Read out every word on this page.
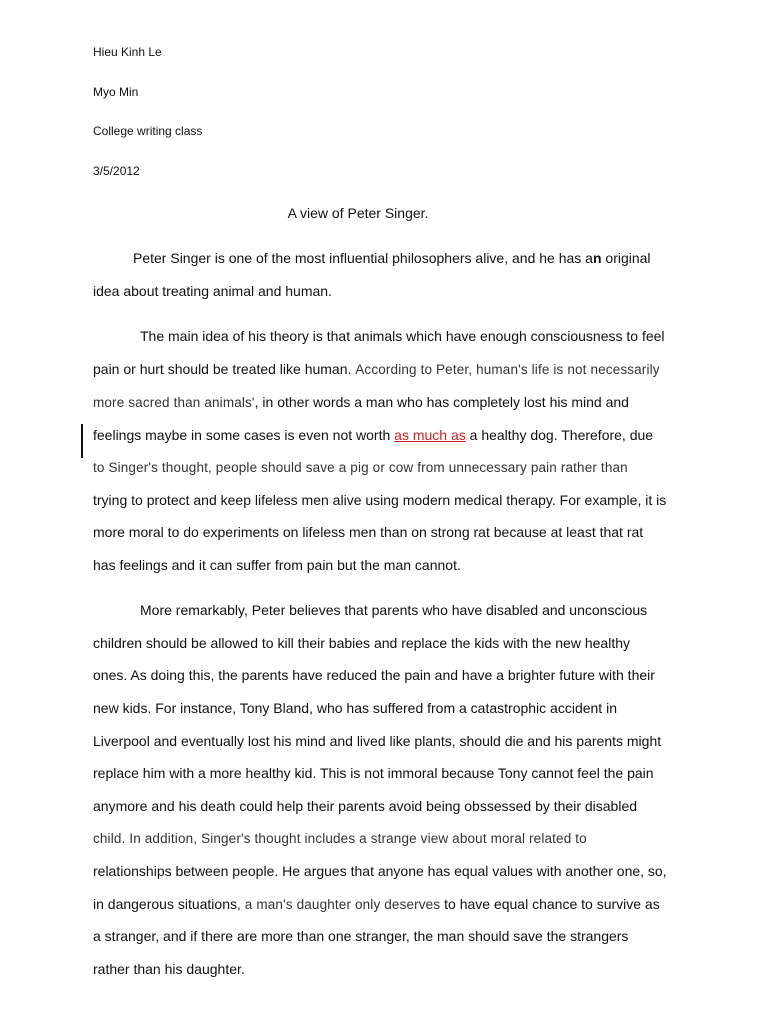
Hieu Kinh Le
Myo Min
College writing class
3/5/2012
A view of Peter Singer.
Peter Singer is one of the most influential philosophers alive, and he has an original
idea about treating animal and human.
The main idea of his theory is that animals which have enough consciousness to feel
pain or hurt should be treated like human. According to Peter, human's life is not necessarily
more sacred than animals', in other words a man who has completely lost his mind and
feelings maybe in some cases is even not worth as much as a healthy dog. Therefore, due
to Singer's thought, people should save a pig or cow from unnecessary pain rather than
trying to protect and keep lifeless men alive using modern medical therapy. For example, it is
more moral to do experiments on lifeless men than on strong rat because at least that rat
has feelings and it can suffer from pain but the man cannot.
More remarkably, Peter believes that parents who have disabled and unconscious
children should be allowed to kill their babies and replace the kids with the new healthy
ones. As doing this, the parents have reduced the pain and have a brighter future with their
new kids. For instance, Tony Bland, who has suffered from a catastrophic accident in
Liverpool and eventually lost his mind and lived like plants, should die and his parents might
replace him with a more healthy kid. This is not immoral because Tony cannot feel the pain
anymore and his death could help their parents avoid being obssessed by their disabled
child. In addition, Singer's thought includes a strange view about moral related to
relationships between people. He argues that anyone has equal values with another one, so,
in dangerous situations, a man's daughter only deserves to have equal chance to survive as
a stranger, and if there are more than one stranger, the man should save the strangers
rather than his daughter.
